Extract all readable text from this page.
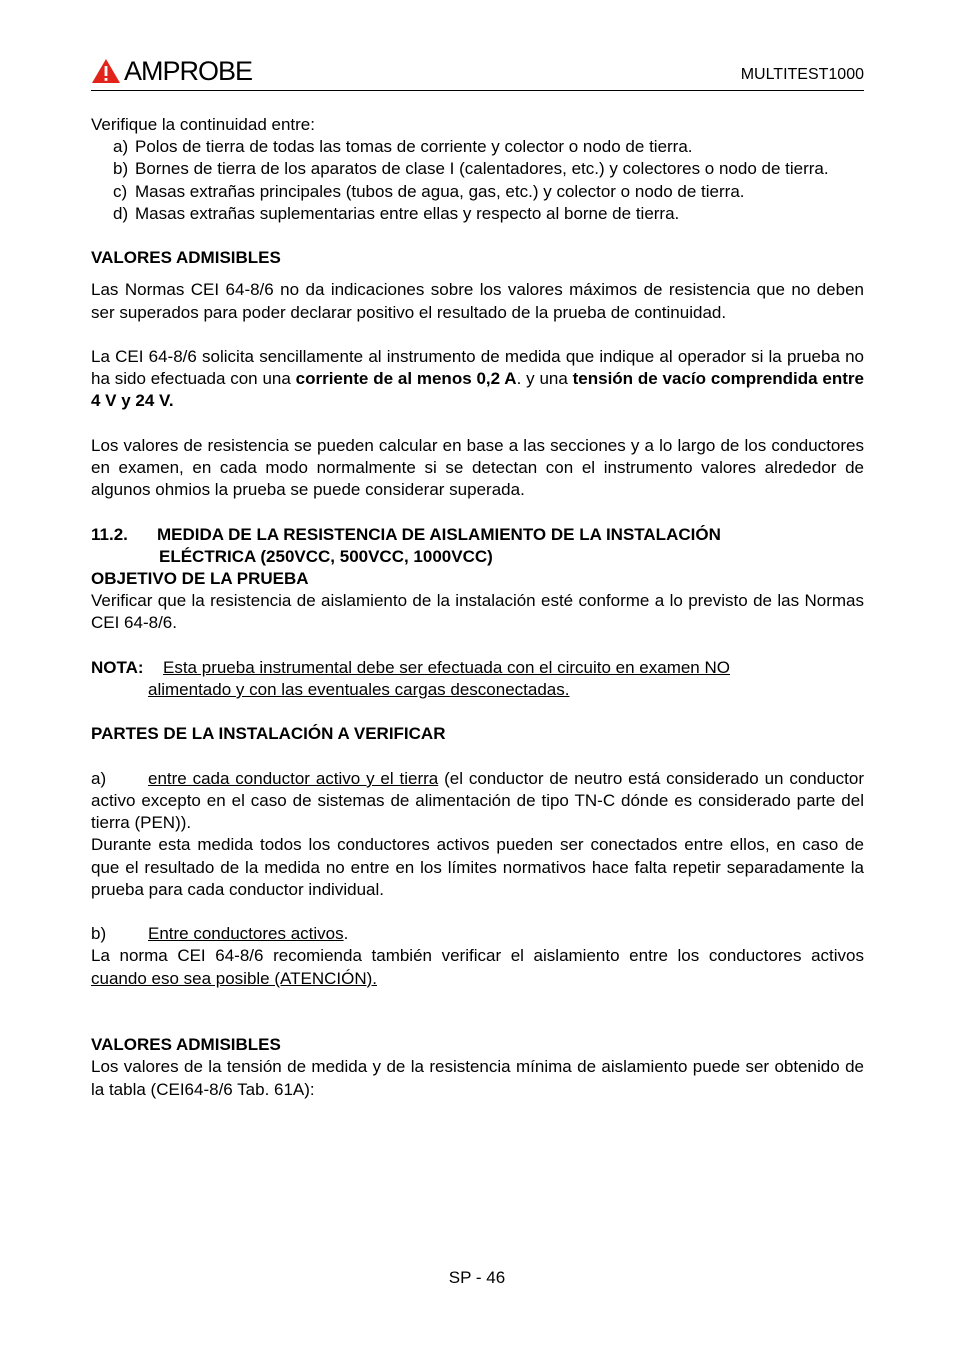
AMPROBE	MULTITEST1000

Verifique la continuidad entre:

a) Polos de tierra de todas las tomas de corriente y colector o nodo de tierra.
b) Bornes de tierra de los aparatos de clase I (calentadores, etc.) y colectores o nodo de tierra.
c) Masas extrañas principales (tubos de agua, gas, etc.) y colector o nodo de tierra.
d) Masas extrañas suplementarias entre ellas y respecto al borne de tierra.
VALORES ADMISIBLES

Las Normas CEI 64-8/6 no da indicaciones sobre los valores máximos de resistencia que no deben ser superados para poder declarar positivo el resultado de la prueba de continuidad.

La CEI 64-8/6 solicita sencillamente al instrumento de medida que indique al operador si la prueba no ha sido efectuada con una corriente de al menos 0,2 A. y una tensión de vacío comprendida entre 4 V y 24 V.

Los valores de resistencia se pueden calcular en base a las secciones y a lo largo de los conductores en examen, en cada modo normalmente si se detectan con el instrumento valores alrededor de algunos ohmios la prueba se puede considerar superada.

11.2.	MEDIDA DE LA RESISTENCIA DE AISLAMIENTO DE LA INSTALACIÓN
ELÉCTRICA (250VCC, 500VCC, 1000VCC)
OBJETIVO DE LA PRUEBA

Verificar que la resistencia de aislamiento de la instalación esté conforme a lo previsto de las Normas CEI 64-8/6.

NOTA:	Esta prueba instrumental debe ser efectuada con el circuito en examen NO
alimentado y con las eventuales cargas desconectadas.
PARTES DE LA INSTALACIÓN A VERIFICAR

a) entre cada conductor activo y el tierra (el conductor de neutro está considerado un conductor activo excepto en el caso de sistemas de alimentación de tipo TN-C dónde es considerado parte del tierra (PEN)).

Durante esta medida todos los conductores activos pueden ser conectados entre ellos, en caso de que el resultado de la medida no entre en los límites normativos hace falta repetir separadamente la prueba para cada conductor individual.

b) Entre conductores activos.

La norma CEI 64-8/6 recomienda también verificar el aislamiento entre los conductores activos cuando eso sea posible (ATENCIÓN).

VALORES ADMISIBLES

Los valores de la tensión de medida y de la resistencia mínima de aislamiento puede ser obtenido de la tabla (CEI64-8/6 Tab. 61A):

SP - 46
